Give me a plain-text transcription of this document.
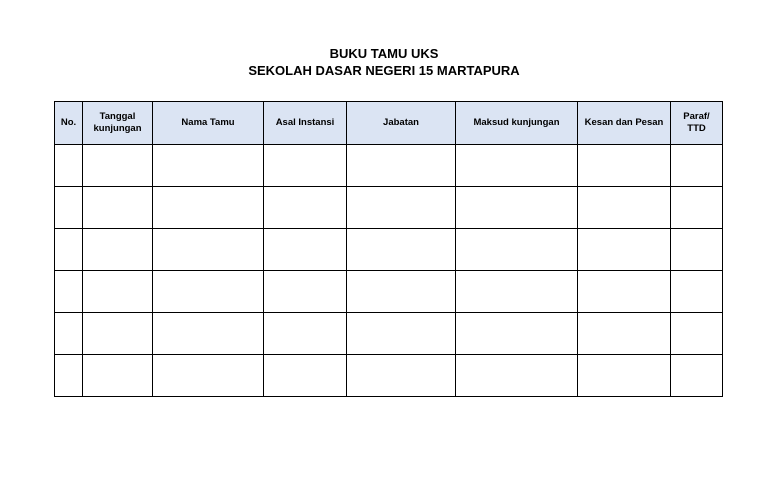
BUKU TAMU UKS

SEKOLAH DASAR NEGERI 15 MARTAPURA

No.	Tanggal kunjungan	Nama Tamu	Asal Instansi	Jabatan	Maksud kunjungan	Kesan dan Pesan	Paraf/ TTD
